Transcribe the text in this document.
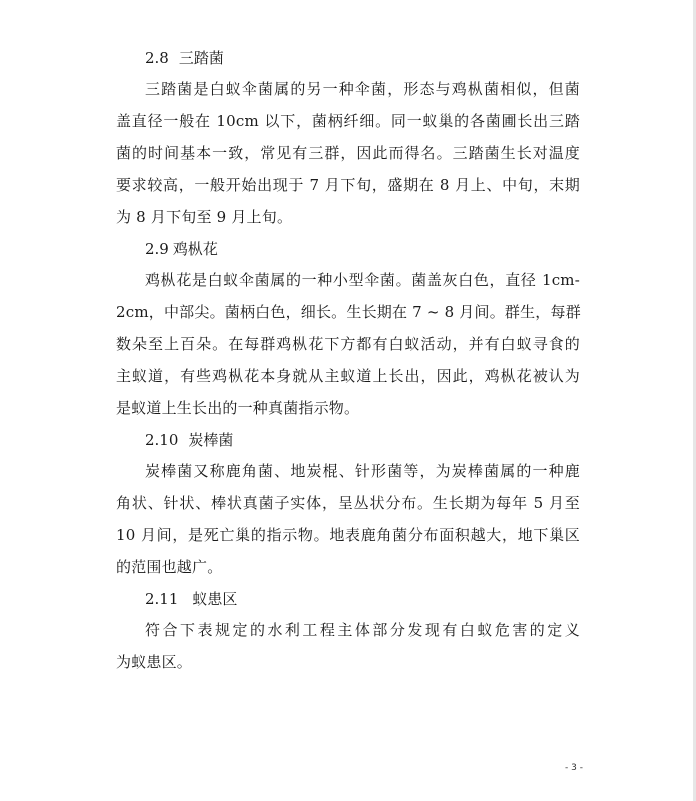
2.8 三踏菌
三踏菌是白蚁伞菌属的另一种伞菌，形态与鸡枞菌相似，但菌
盖直径一般在 10cm 以下，菌柄纤细。同一蚁巢的各菌圃长出三踏
菌的时间基本一致，常见有三群，因此而得名。三踏菌生长对温度
要求较高，一般开始出现于 7 月下旬，盛期在 8 月上、中旬，末期
为 8 月下旬至 9 月上旬。
2.9 鸡枞花
鸡枞花是白蚁伞菌属的一种小型伞菌。菌盖灰白色，直径 1cm-
2cm，中部尖。菌柄白色，细长。生长期在 7 ~ 8 月间。群生，每群
数朵至上百朵。在每群鸡枞花下方都有白蚁活动，并有白蚁寻食的
主蚁道，有些鸡枞花本身就从主蚁道上长出，因此，鸡枞花被认为
是蚁道上生长出的一种真菌指示物。
2.10 炭棒菌
炭棒菌又称鹿角菌、地炭棍、针形菌等，为炭棒菌属的一种鹿
角状、针状、棒状真菌子实体，呈丛状分布。生长期为每年 5 月至
10 月间，是死亡巢的指示物。地表鹿角菌分布面积越大，地下巢区
的范围也越广。
2.11 蚁患区
符合下表规定的水利工程主体部分发现有白蚁危害的定义
为蚁患区。
- 3 -
